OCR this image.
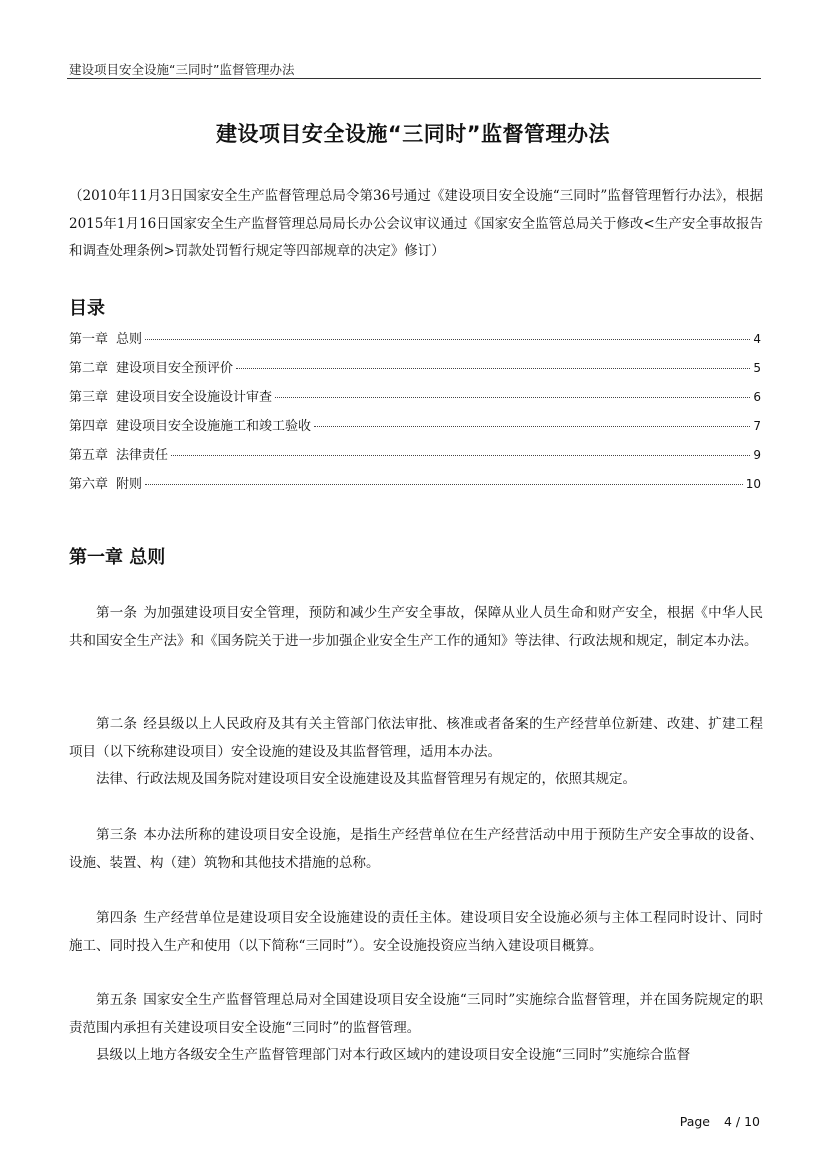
建设项目安全设施“三同时”监督管理办法
建设项目安全设施“三同时”监督管理办法
（2010年11月3日国家安全生产监督管理总局令第36号通过《建设项目安全设施“三同时”监督管理暂行办法》，根据2015年1月16日国家安全生产监督管理总局局长办公会议审议通过《国家安全监管总局关于修改<生产安全事故报告和调查处理条例>罚款处罚暂行规定等四部规章的决定》修订）
目录
第一章 总则	4
第二章 建设项目安全预评价	5
第三章 建设项目安全设施设计审查	6
第四章 建设项目安全设施施工和竣工验收	7
第五章 法律责任	9
第六章 附则	10
第一章 总则

第一条 为加强建设项目安全管理，预防和减少生产安全事故，保障从业人员生命和财产安全，根据《中华人民共和国安全生产法》和《国务院关于进一步加强企业安全生产工作的通知》等法律、行政法规和规定，制定本办法。

第二条 经县级以上人民政府及其有关主管部门依法审批、核准或者备案的生产经营单位新建、改建、扩建工程项目（以下统称建设项目）安全设施的建设及其监督管理，适用本办法。

法律、行政法规及国务院对建设项目安全设施建设及其监督管理另有规定的，依照其规定。

第三条 本办法所称的建设项目安全设施，是指生产经营单位在生产经营活动中用于预防生产安全事故的设备、设施、装置、构（建）筑物和其他技术措施的总称。

第四条 生产经营单位是建设项目安全设施建设的责任主体。建设项目安全设施必须与主体工程同时设计、同时施工、同时投入生产和使用（以下简称“三同时”）。安全设施投资应当纳入建设项目概算。

第五条 国家安全生产监督管理总局对全国建设项目安全设施“三同时”实施综合监督管理，并在国务院规定的职责范围内承担有关建设项目安全设施“三同时”的监督管理。

县级以上地方各级安全生产监督管理部门对本行政区域内的建设项目安全设施“三同时”实施综合监督

Page 4 / 10
